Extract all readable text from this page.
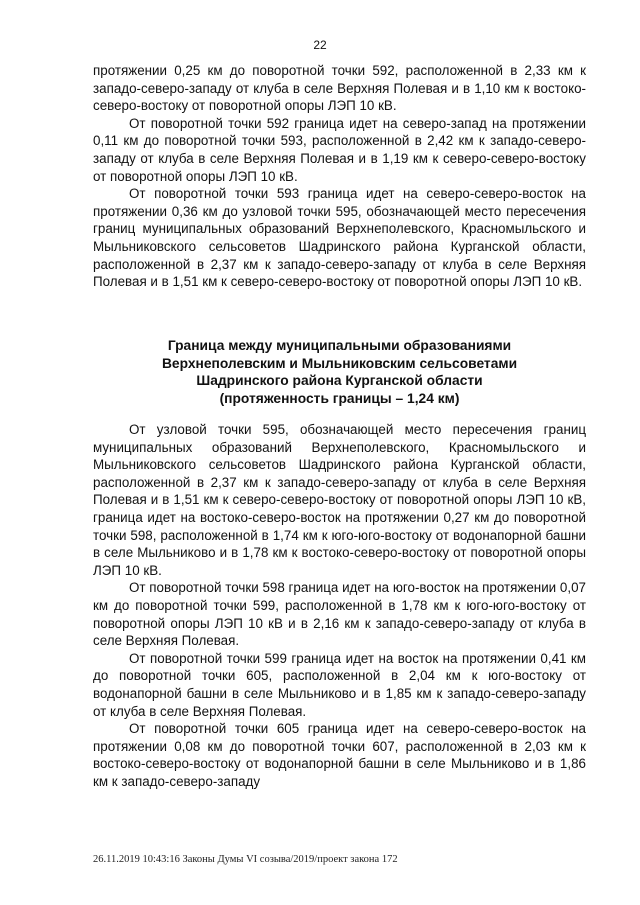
22

протяжении 0,25 км до поворотной точки 592, расположенной в 2,33 км к западо-северо-западу от клуба в селе Верхняя Полевая и в 1,10 км к востоко-северо-востоку от поворотной опоры ЛЭП 10 кВ.

От поворотной точки 592 граница идет на северо-запад на протяжении 0,11 км до поворотной точки 593, расположенной в 2,42 км к западо-северо-западу от клуба в селе Верхняя Полевая и в 1,19 км к северо-северо-востоку от поворотной опоры ЛЭП 10 кВ.

От поворотной точки 593 граница идет на северо-северо-восток на протяжении 0,36 км до узловой точки 595, обозначающей место пересечения границ муниципальных образований Верхнеполевского, Красномыльского и Мыльниковского сельсоветов Шадринского района Курганской области, расположенной в 2,37 км к западо-северо-западу от клуба в селе Верхняя Полевая и в 1,51 км к северо-северо-востоку от поворотной опоры ЛЭП 10 кВ.

Граница между муниципальными образованиями
Верхнеполевским и Мыльниковским сельсоветами
Шадринского района Курганской области
(протяженность границы – 1,24 км)

От узловой точки 595, обозначающей место пересечения границ муниципальных образований Верхнеполевского, Красномыльского и Мыльниковского сельсоветов Шадринского района Курганской области, расположенной в 2,37 км к западо-северо-западу от клуба в селе Верхняя Полевая и в 1,51 км к северо-северо-востоку от поворотной опоры ЛЭП 10 кВ, граница идет на востоко-северо-восток на протяжении 0,27 км до поворотной точки 598, расположенной в 1,74 км к юго-юго-востоку от водонапорной башни в селе Мыльниково и в 1,78 км к востоко-северо-востоку от поворотной опоры ЛЭП 10 кВ.

От поворотной точки 598 граница идет на юго-восток на протяжении 0,07 км до поворотной точки 599, расположенной в 1,78 км к юго-юго-востоку от поворотной опоры ЛЭП 10 кВ и в 2,16 км к западо-северо-западу от клуба в селе Верхняя Полевая.

От поворотной точки 599 граница идет на восток на протяжении 0,41 км до поворотной точки 605, расположенной в 2,04 км к юго-востоку от водонапорной башни в селе Мыльниково и в 1,85 км к западо-северо-западу от клуба в селе Верхняя Полевая.

От поворотной точки 605 граница идет на северо-северо-восток на протяжении 0,08 км до поворотной точки 607, расположенной в 2,03 км к востоко-северо-востоку от водонапорной башни в селе Мыльниково и в 1,86 км к западо-северо-западу

26.11.2019 10:43:16 Законы Думы VI созыва/2019/проект закона 172
